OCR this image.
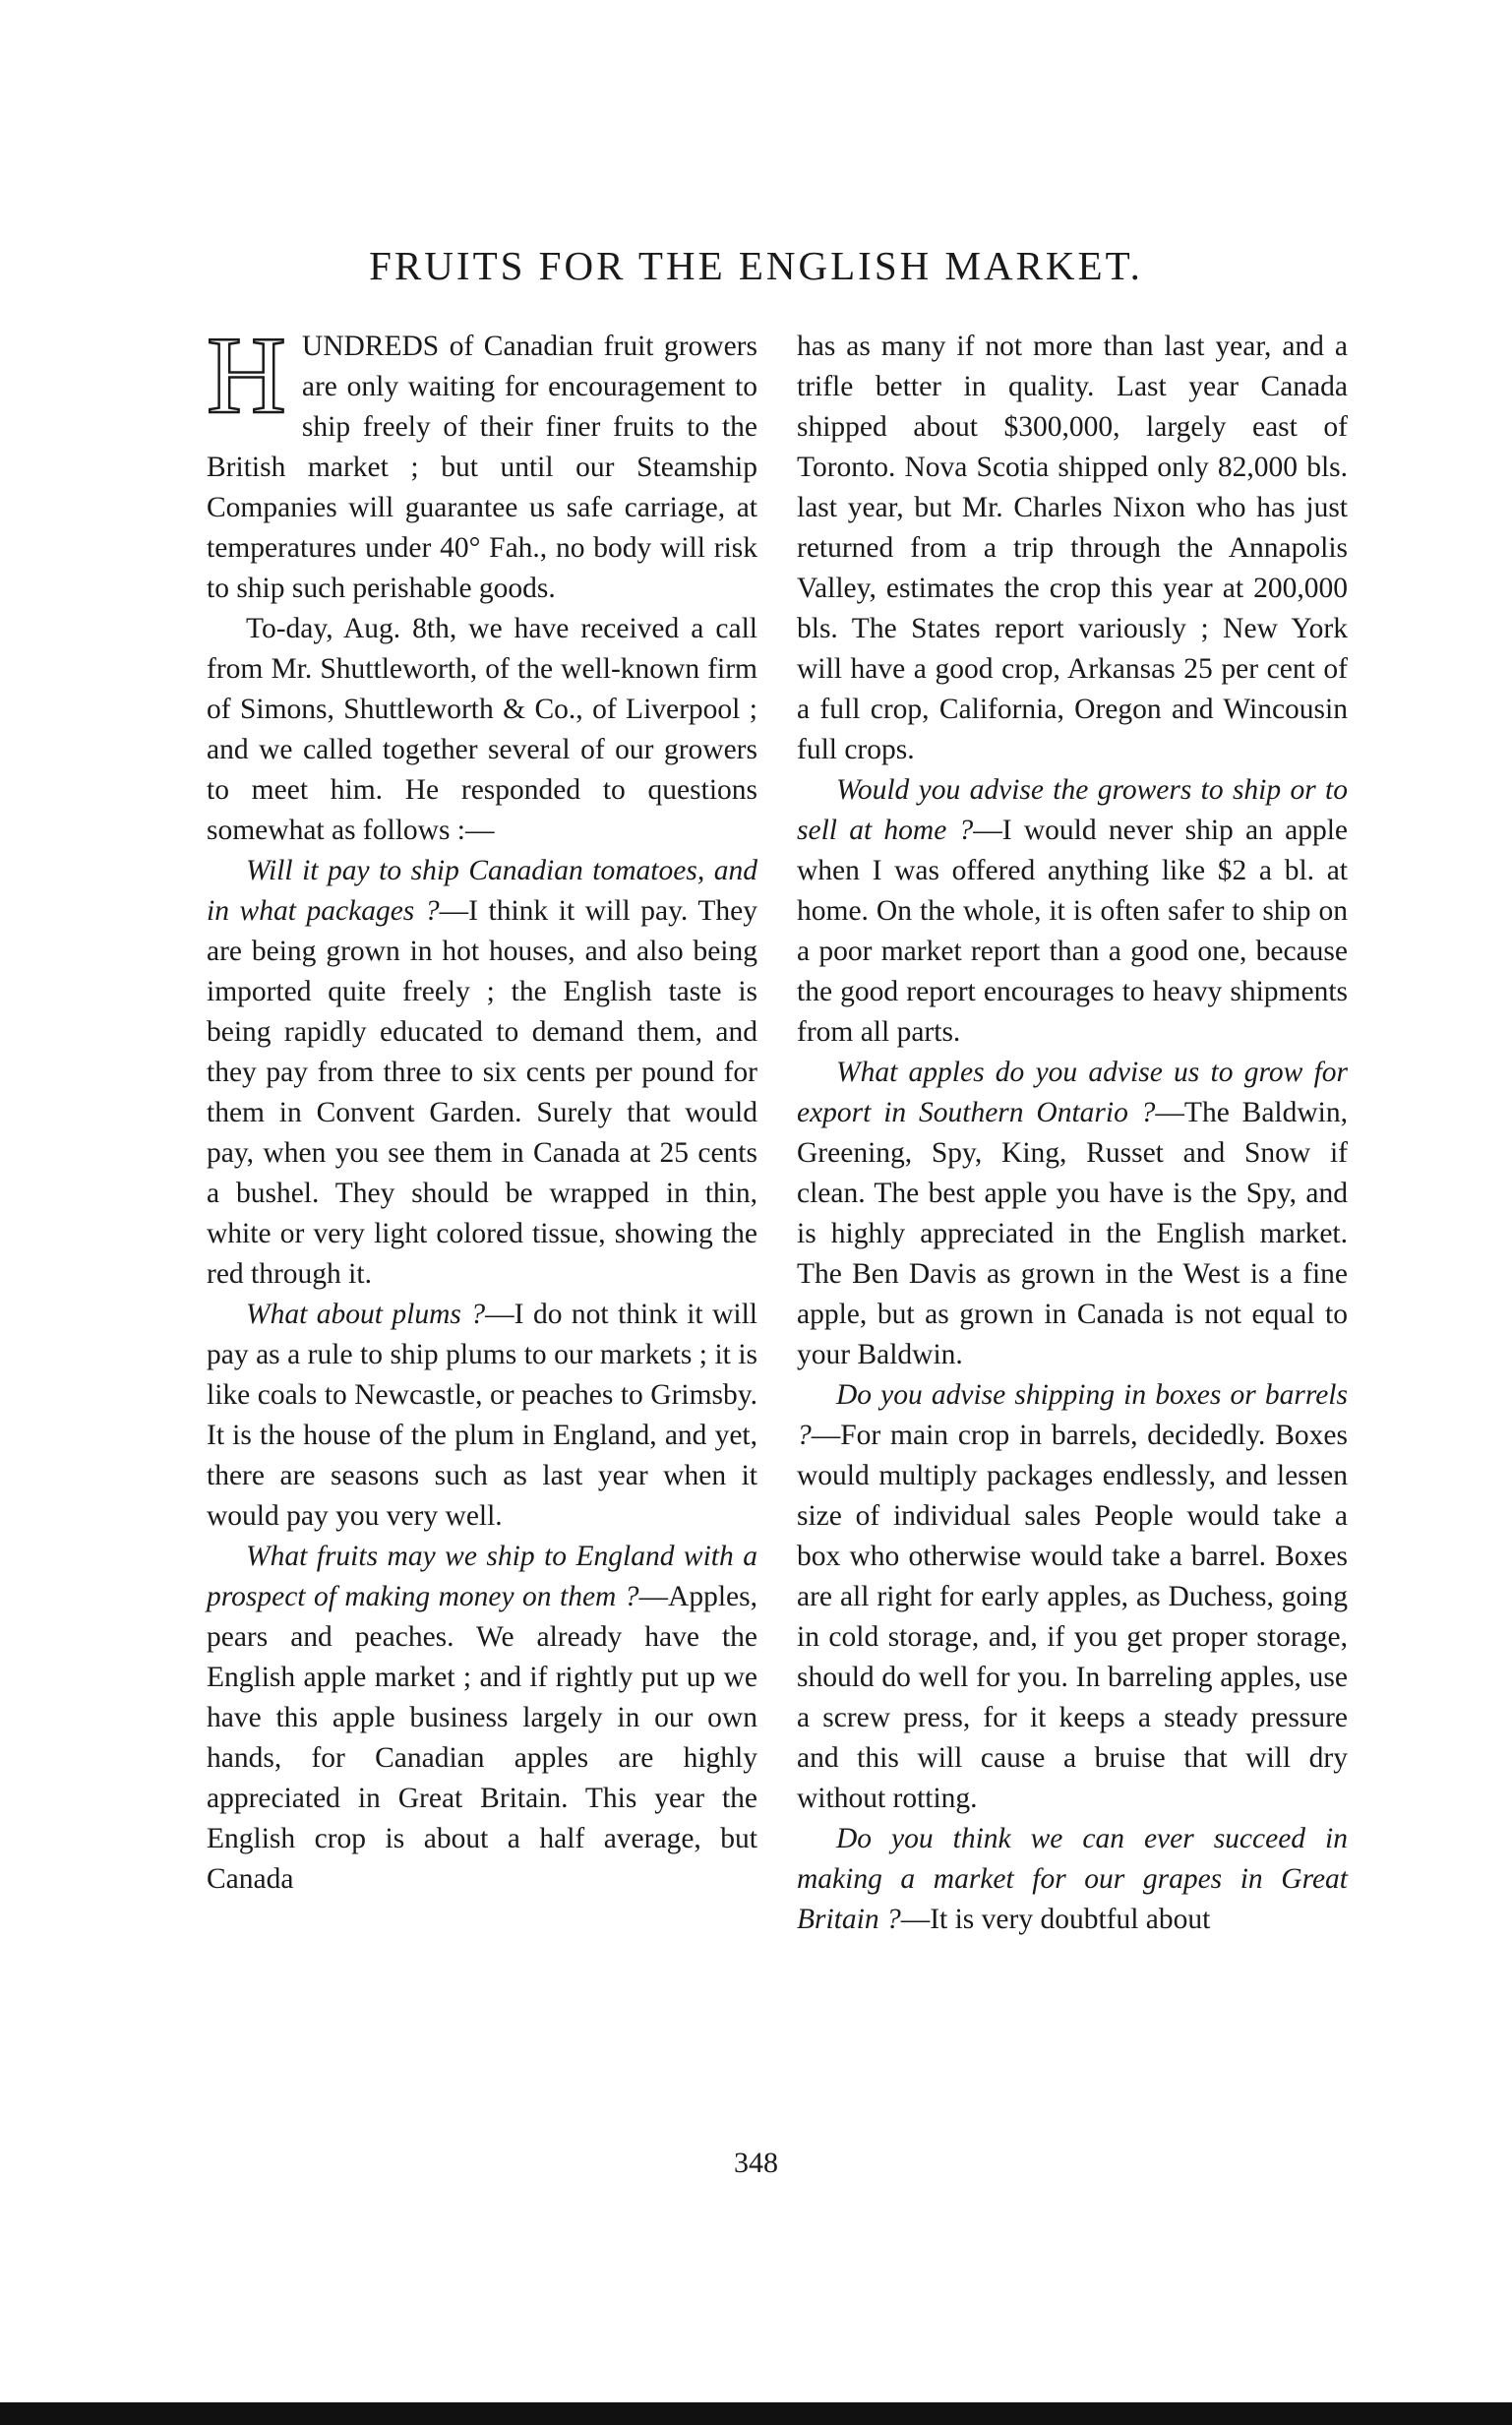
FRUITS FOR THE ENGLISH MARKET.

HUNDREDS of Canadian fruit growers are only waiting for encouragement to ship freely of their finer fruits to the British market ; but until our Steamship Companies will guarantee us safe carriage, at temperatures under 40° Fah., no body will risk to ship such perishable goods.

To-day, Aug. 8th, we have received a call from Mr. Shuttleworth, of the well-known firm of Simons, Shuttleworth & Co., of Liverpool ; and we called together several of our growers to meet him. He responded to questions somewhat as follows :—

Will it pay to ship Canadian tomatoes, and in what packages ?—I think it will pay. They are being grown in hot houses, and also being imported quite freely ; the English taste is being rapidly educated to demand them, and they pay from three to six cents per pound for them in Convent Garden. Surely that would pay, when you see them in Canada at 25 cents a bushel. They should be wrapped in thin, white or very light colored tissue, showing the red through it.

What about plums ?—I do not think it will pay as a rule to ship plums to our markets ; it is like coals to Newcastle, or peaches to Grimsby. It is the house of the plum in England, and yet, there are seasons such as last year when it would pay you very well.

What fruits may we ship to England with a prospect of making money on them ?—Apples, pears and peaches. We already have the English apple market ; and if rightly put up we have this apple business largely in our own hands, for Canadian apples are highly appreciated in Great Britain. This year the English crop is about a half average, but Canada

has as many if not more than last year, and a trifle better in quality. Last year Canada shipped about $300,000, largely east of Toronto. Nova Scotia shipped only 82,000 bls. last year, but Mr. Charles Nixon who has just returned from a trip through the Annapolis Valley, estimates the crop this year at 200,000 bls. The States report variously ; New York will have a good crop, Arkansas 25 per cent of a full crop, California, Oregon and Wincousin full crops.

Would you advise the growers to ship or to sell at home ?—I would never ship an apple when I was offered anything like $2 a bl. at home. On the whole, it is often safer to ship on a poor market report than a good one, because the good report encourages to heavy shipments from all parts.

What apples do you advise us to grow for export in Southern Ontario ?—The Baldwin, Greening, Spy, King, Russet and Snow if clean. The best apple you have is the Spy, and is highly appreciated in the English market. The Ben Davis as grown in the West is a fine apple, but as grown in Canada is not equal to your Baldwin.

Do you advise shipping in boxes or barrels ?—For main crop in barrels, decidedly. Boxes would multiply packages endlessly, and lessen size of individual sales People would take a box who otherwise would take a barrel. Boxes are all right for early apples, as Duchess, going in cold storage, and, if you get proper storage, should do well for you. In barreling apples, use a screw press, for it keeps a steady pressure and this will cause a bruise that will dry without rotting.

Do you think we can ever succeed in making a market for our grapes in Great Britain ?—It is very doubtful about

348
